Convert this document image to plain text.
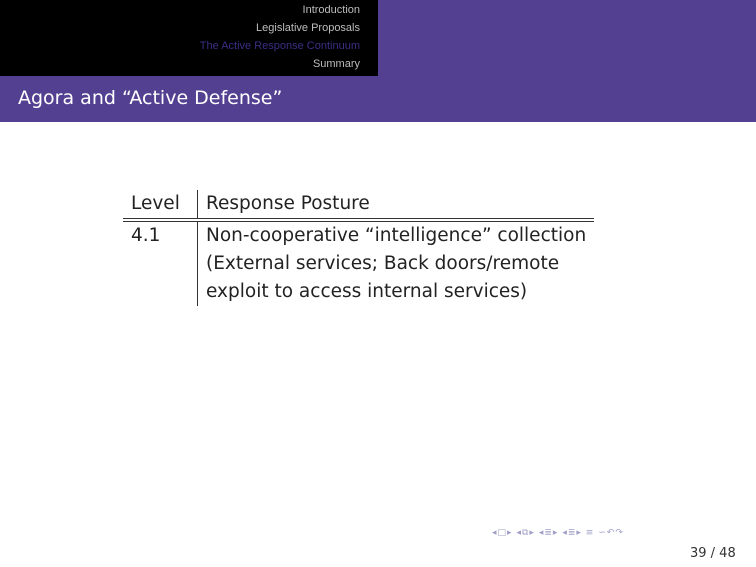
Introduction
Legislative Proposals
The Active Response Continuum
Summary
Agora and “Active Defense”
Level	Response Posture
4.1	Non-cooperative “intelligence” collection
(External services; Back doors/remote
exploit to access internal services)
◂□▸ ◂⧉▸ ◂≣▸ ◂≣▸ ≡ ∽↶↷
39 / 48
